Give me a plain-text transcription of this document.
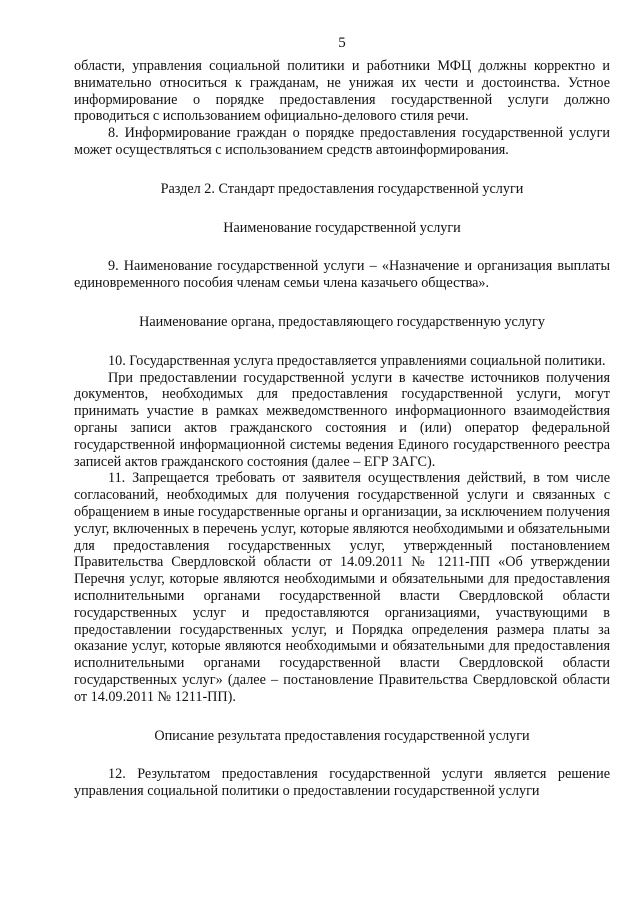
5

области, управления социальной политики и работники МФЦ должны корректно и внимательно относиться к гражданам, не унижая их чести и достоинства. Устное информирование о порядке предоставления государственной услуги должно проводиться с использованием официально-делового стиля речи.

8. Информирование граждан о порядке предоставления государственной услуги может осуществляться с использованием средств автоинформирования.

Раздел 2. Стандарт предоставления государственной услуги
Наименование государственной услуги

9. Наименование государственной услуги – «Назначение и организация выплаты единовременного пособия членам семьи члена казачьего общества».

Наименование органа, предоставляющего государственную услугу

10. Государственная услуга предоставляется управлениями социальной политики.

При предоставлении государственной услуги в качестве источников получения документов, необходимых для предоставления государственной услуги, могут принимать участие в рамках межведомственного информационного взаимодействия органы записи актов гражданского состояния и (или) оператор федеральной государственной информационной системы ведения Единого государственного реестра записей актов гражданского состояния (далее – ЕГР ЗАГС).

11. Запрещается требовать от заявителя осуществления действий, в том числе согласований, необходимых для получения государственной услуги и связанных с обращением в иные государственные органы и организации, за исключением получения услуг, включенных в перечень услуг, которые являются необходимыми и обязательными для предоставления государственных услуг, утвержденный постановлением Правительства Свердловской области от 14.09.2011 № 1211-ПП «Об утверждении Перечня услуг, которые являются необходимыми и обязательными для предоставления исполнительными органами государственной власти Свердловской области государственных услуг и предоставляются организациями, участвующими в предоставлении государственных услуг, и Порядка определения размера платы за оказание услуг, которые являются необходимыми и обязательными для предоставления исполнительными органами государственной власти Свердловской области государственных услуг» (далее – постановление Правительства Свердловской области от 14.09.2011 № 1211-ПП).

Описание результата предоставления государственной услуги

12. Результатом предоставления государственной услуги является решение управления социальной политики о предоставлении государственной услуги
